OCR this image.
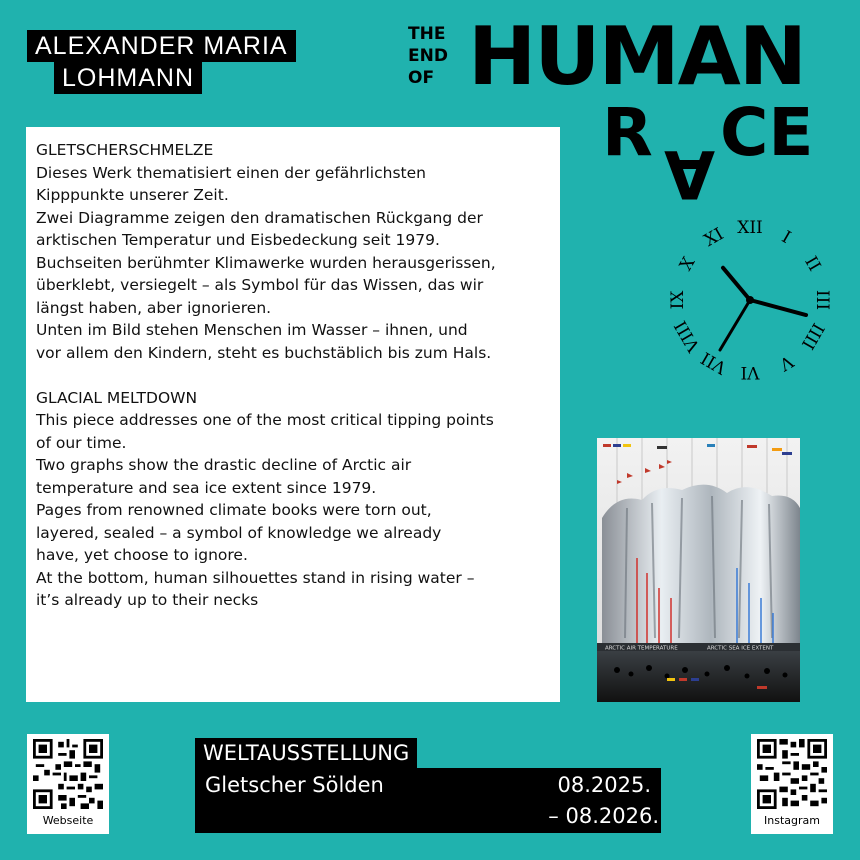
ALEXANDER MARIA
LOHMANN
THE
END
OF HUMAN
R
A
CE
XII I
II
III
IIII
V
VI
VII
VIII
IX
X
XI

GLETSCHERSCHMELZE

Dieses Werk thematisiert einen der gefährlichsten

Kipppunkte unserer Zeit.

Zwei Diagramme zeigen den dramatischen Rückgang der

arktischen Temperatur und Eisbedeckung seit 1979.

Buchseiten berühmter Klimawerke wurden herausgerissen,

überklebt, versiegelt – als Symbol für das Wissen, das wir

längst haben, aber ignorieren.

Unten im Bild stehen Menschen im Wasser – ihnen, und

vor allem den Kindern, steht es buchstäblich bis zum Hals.

GLACIAL MELTDOWN

This piece addresses one of the most critical tipping points

of our time.

Two graphs show the drastic decline of Arctic air

temperature and sea ice extent since 1979.

Pages from renowned climate books were torn out,

layered, sealed – a symbol of knowledge we already

have, yet choose to ignore.

At the bottom, human silhouettes stand in rising water –

it’s already up to their necks

ARCTIC AIR TEMPERATURE	ARCTIC SEA ICE EXTENT
Webseite	Instagram
WELTAUSSTELLUNG
Gletscher Sölden	08.2025.
– 08.2026.
